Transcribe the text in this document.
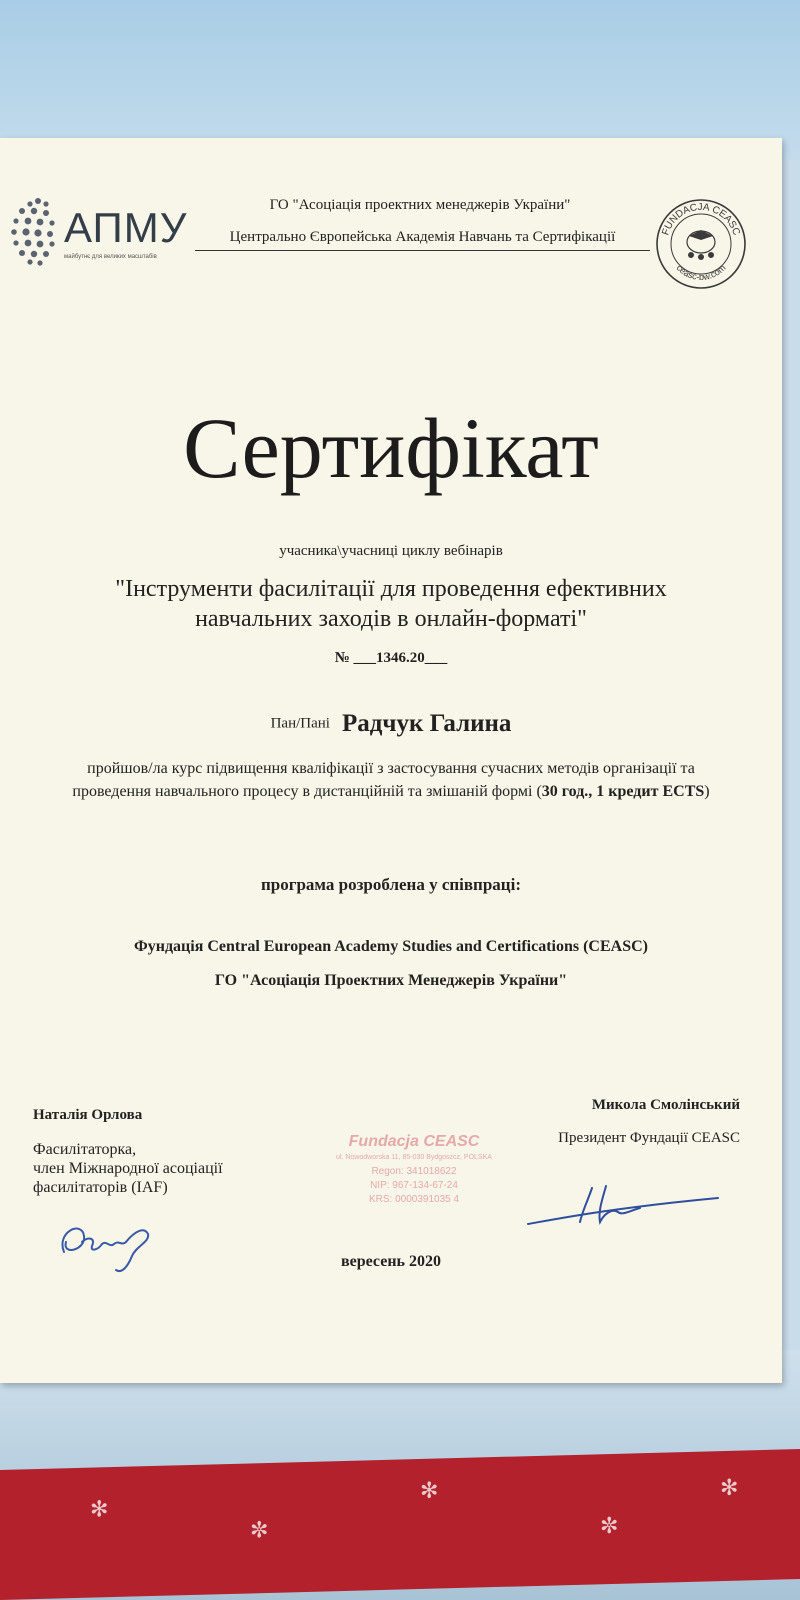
✻
✼
✻
✼
✻
АПМУ
майбутнє для великих масштабів
ГО "Асоціація проектних менеджерів України"
Центрально Європейська Академія Навчань та Сертифікації	FUNDACJA CEASC
ceasc-bw.com
Сертифікат
учасника\учасниці циклу вебінарів
"Інструменти фасилітації для проведення ефективних
навчальних заходів в онлайн-форматі"
№ ___1346.20___
Пан/Пані Радчук Галина
пройшов/ла курс підвищення кваліфікації з застосування сучасних методів організації та
проведення навчального процесу в дистанційній та змішаній формі (30 год., 1 кредит ECTS)
програма розроблена у співпраці:
Фундація Central European Academy Studies and Certifications (CEASC)
ГО "Асоціація Проектних Менеджерів України"
Наталія Орлова
Фасилітаторка,
член Міжнародної асоціації
фасилітаторів (IAF)
Микола Смолінський
Президент Фундації CEASC
Fundacja CEASC
ul. Nowodworska 11, 85-030 Bydgoszcz, POLSKA
Regon: 341018622
NIP: 967-134-67-24
KRS: 0000391035 4
вересень 2020
